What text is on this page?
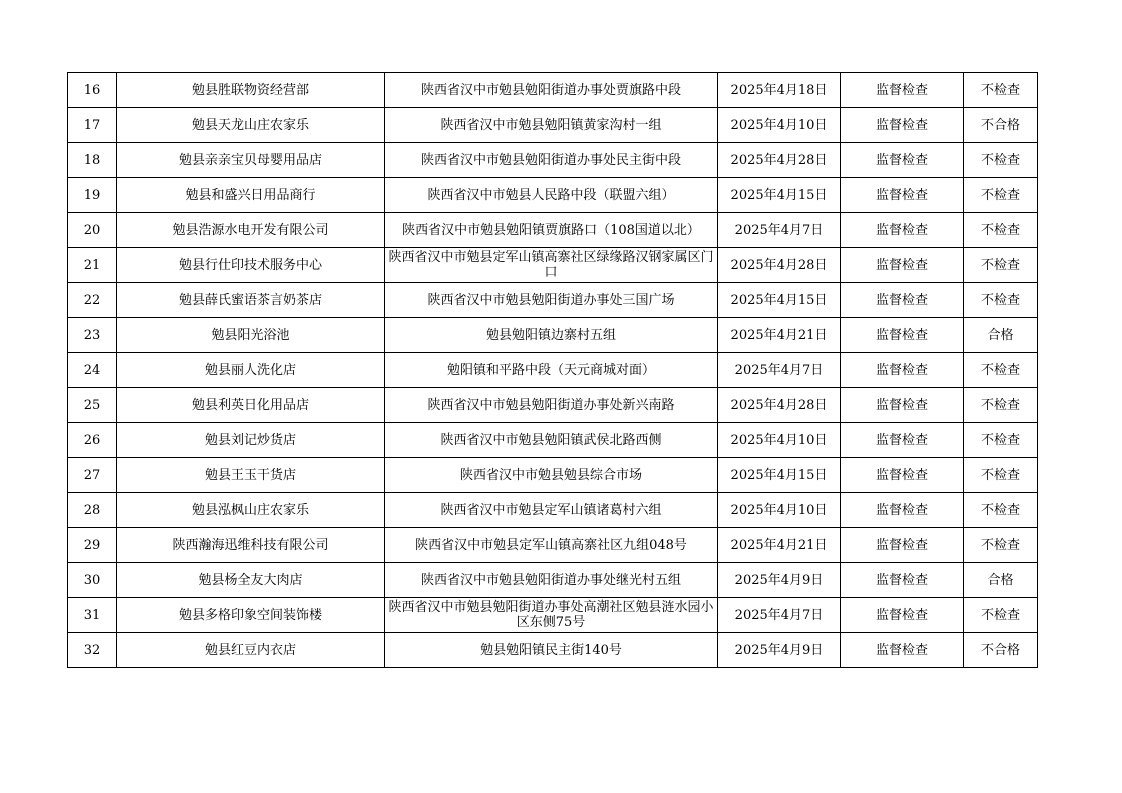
16	勉县胜联物资经营部	陕西省汉中市勉县勉阳街道办事处贾旗路中段	2025年4月18日	监督检查	不检查
17	勉县天龙山庄农家乐	陕西省汉中市勉县勉阳镇黄家沟村一组	2025年4月10日	监督检查	不合格
18	勉县亲亲宝贝母婴用品店	陕西省汉中市勉县勉阳街道办事处民主街中段	2025年4月28日	监督检查	不检查
19	勉县和盛兴日用品商行	陕西省汉中市勉县人民路中段（联盟六组）	2025年4月15日	监督检查	不检查
20	勉县浩源水电开发有限公司	陕西省汉中市勉县勉阳镇贾旗路口（108国道以北）	2025年4月7日	监督检查	不检查
21	勉县行仕印技术服务中心	陕西省汉中市勉县定军山镇高寨社区绿缘路汉钢家属区门口	2025年4月28日	监督检查	不检查
22	勉县薛氏蜜语茶言奶茶店	陕西省汉中市勉县勉阳街道办事处三国广场	2025年4月15日	监督检查	不检查
23	勉县阳光浴池	勉县勉阳镇边寨村五组	2025年4月21日	监督检查	合格
24	勉县丽人洗化店	勉阳镇和平路中段（天元商城对面）	2025年4月7日	监督检查	不检查
25	勉县利英日化用品店	陕西省汉中市勉县勉阳街道办事处新兴南路	2025年4月28日	监督检查	不检查
26	勉县刘记炒货店	陕西省汉中市勉县勉阳镇武侯北路西侧	2025年4月10日	监督检查	不检查
27	勉县王玉干货店	陕西省汉中市勉县勉县综合市场	2025年4月15日	监督检查	不检查
28	勉县泓枫山庄农家乐	陕西省汉中市勉县定军山镇诸葛村六组	2025年4月10日	监督检查	不检查
29	陕西瀚海迅维科技有限公司	陕西省汉中市勉县定军山镇高寨社区九组048号	2025年4月21日	监督检查	不检查
30	勉县杨全友大肉店	陕西省汉中市勉县勉阳街道办事处继光村五组	2025年4月9日	监督检查	合格
31	勉县多格印象空间装饰楼	陕西省汉中市勉县勉阳街道办事处高潮社区勉县涟水园小区东侧75号	2025年4月7日	监督检查	不检查
32	勉县红豆内衣店	勉县勉阳镇民主街140号	2025年4月9日	监督检查	不合格
